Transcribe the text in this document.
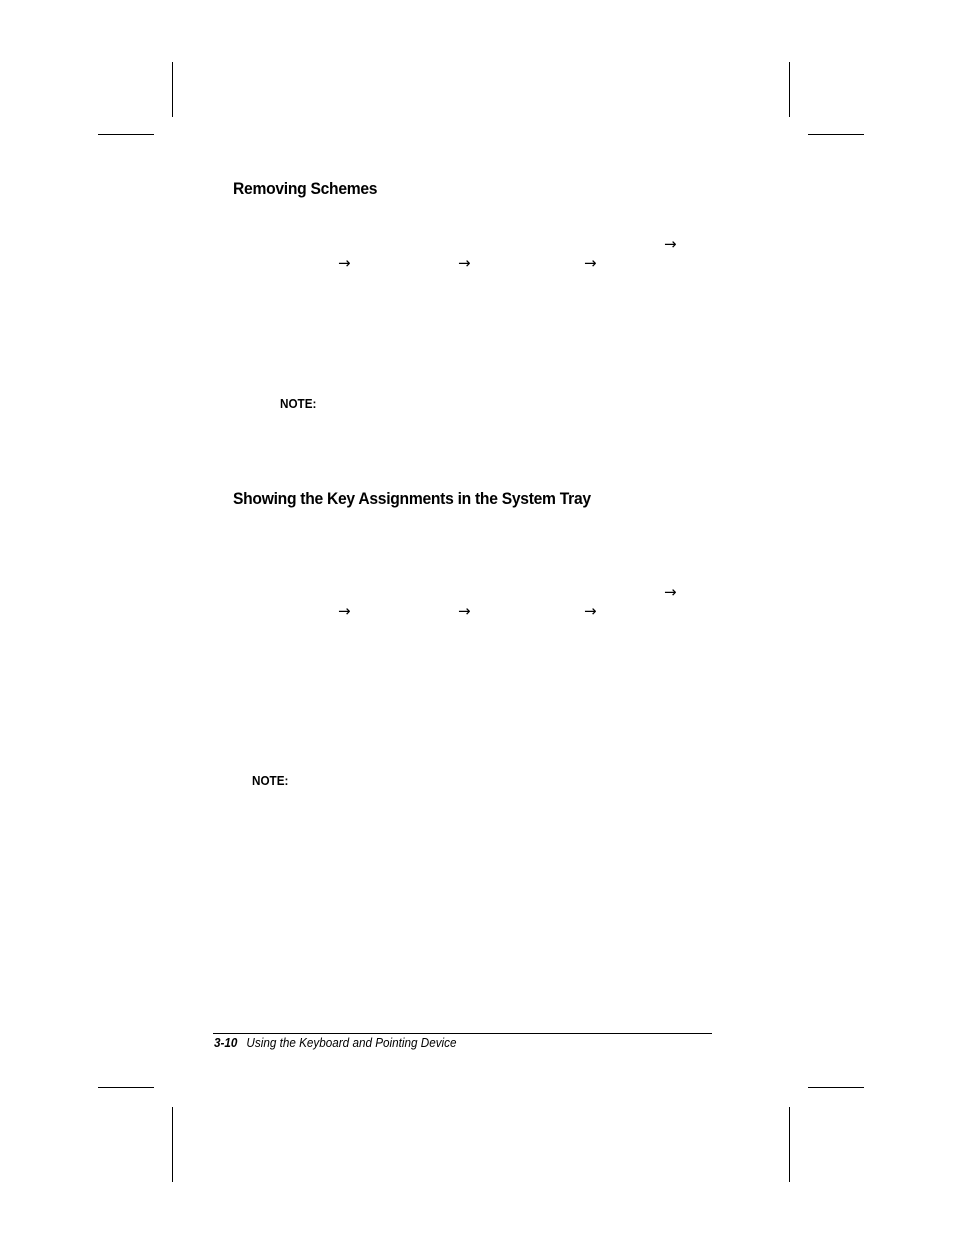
Removing Schemes
→
→	→	→

NOTE:

Showing the Key Assignments in the System Tray
→
→	→	→

NOTE:

3-10 Using the Keyboard and Pointing Device
